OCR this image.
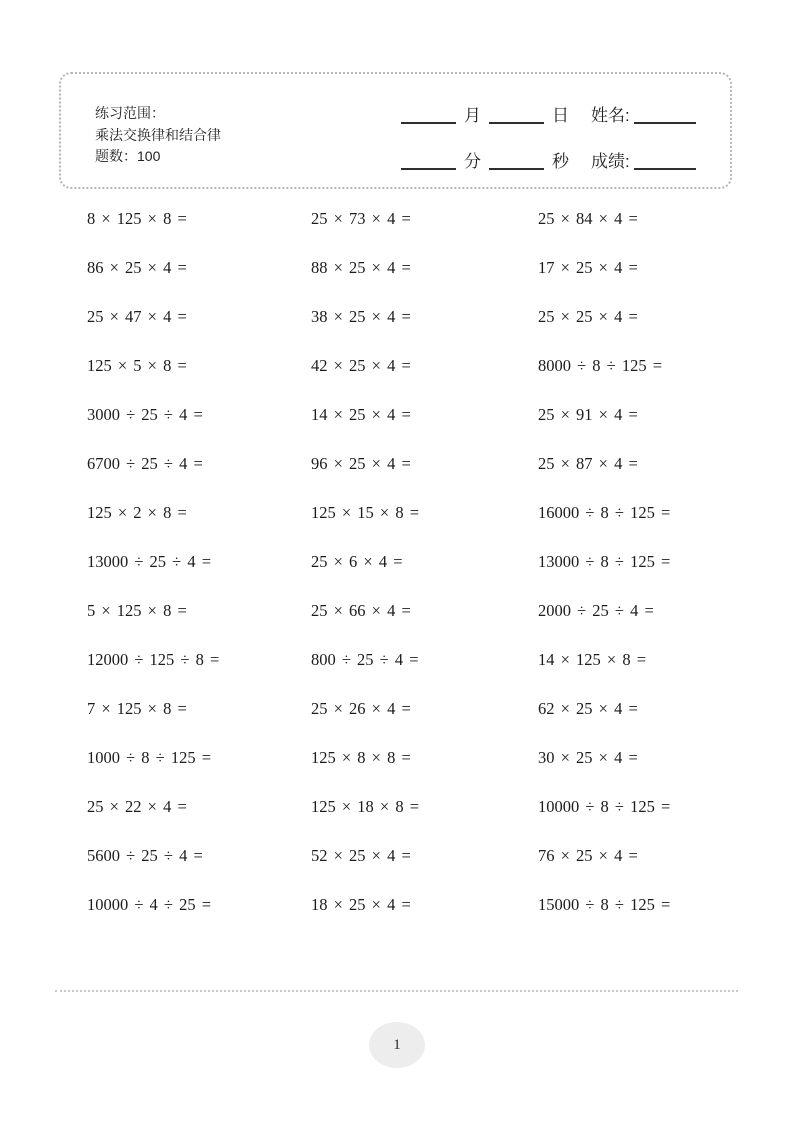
练习范围：
乘法交换律和结合律
题数：100
月	日 姓名:
分	秒 成绩:
8 × 125 × 8 =
86 × 25 × 4 =
25 × 47 × 4 =
125 × 5 × 8 =
3000 ÷ 25 ÷ 4 =
6700 ÷ 25 ÷ 4 =
125 × 2 × 8 =
13000 ÷ 25 ÷ 4 =
5 × 125 × 8 =
12000 ÷ 125 ÷ 8 =
7 × 125 × 8 =
1000 ÷ 8 ÷ 125 =
25 × 22 × 4 =
5600 ÷ 25 ÷ 4 =
10000 ÷ 4 ÷ 25 =
25 × 73 × 4 =
88 × 25 × 4 =
38 × 25 × 4 =
42 × 25 × 4 =
14 × 25 × 4 =
96 × 25 × 4 =
125 × 15 × 8 =
25 × 6 × 4 =
25 × 66 × 4 =
800 ÷ 25 ÷ 4 =
25 × 26 × 4 =
125 × 8 × 8 =
125 × 18 × 8 =
52 × 25 × 4 =
18 × 25 × 4 =
25 × 84 × 4 =
17 × 25 × 4 =
25 × 25 × 4 =
8000 ÷ 8 ÷ 125 =
25 × 91 × 4 =
25 × 87 × 4 =
16000 ÷ 8 ÷ 125 =
13000 ÷ 8 ÷ 125 =
2000 ÷ 25 ÷ 4 =
14 × 125 × 8 =
62 × 25 × 4 =
30 × 25 × 4 =
10000 ÷ 8 ÷ 125 =
76 × 25 × 4 =
15000 ÷ 8 ÷ 125 =
1
